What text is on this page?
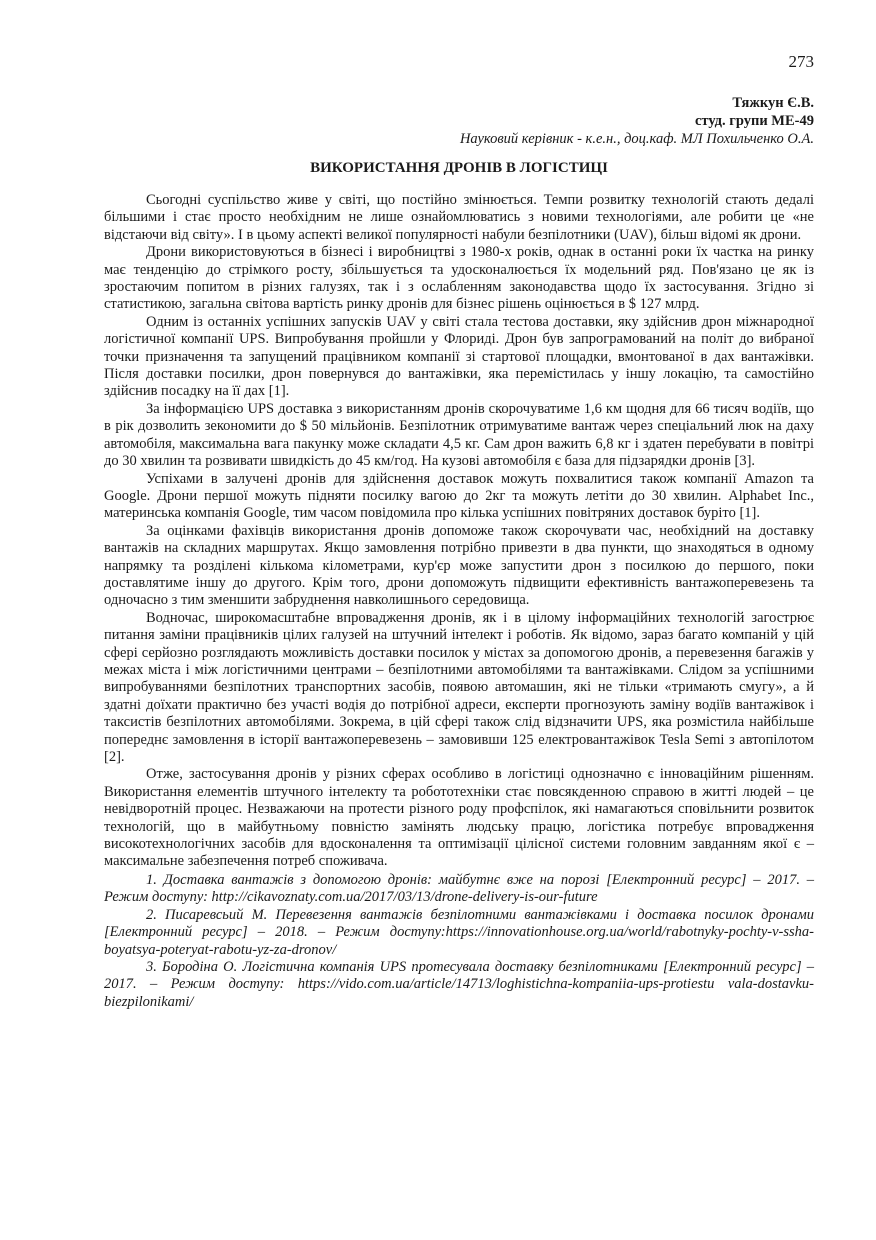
273
Тяжкун Є.В.
студ. групи МЕ-49
Науковий керівник - к.е.н., доц.каф. МЛ Похильченко О.А.
ВИКОРИСТАННЯ ДРОНІВ В ЛОГІСТИЦІ

Сьогодні суспільство живе у світі, що постійно змінюється. Темпи розвитку технологій стають дедалі більшими і стає просто необхідним не лише ознайомлюватись з новими технологіями, але робити це «не відстаючи від світу». І в цьому аспекті великої популярності набули безпілотники (UAV), більш відомі як дрони.

Дрони використовуються в бізнесі і виробництві з 1980-х років, однак в останні роки їх частка на ринку має тенденцію до стрімкого росту, збільшується та удосконалюється їх модельний ряд. Пов'язано це як із зростаючим попитом в різних галузях, так і з ослабленням законодавства щодо їх застосування. Згідно зі статистикою, загальна світова вартість ринку дронів для бізнес рішень оцінюється в $ 127 млрд.

Одним із останніх успішних запусків UAV у світі стала тестова доставки, яку здійснив дрон міжнародної логістичної компанії UPS. Випробування пройшли у Флориді. Дрон був запрограмований на політ до вибраної точки призначення та запущений працівником компанії зі стартової площадки, вмонтованої в дах вантажівки. Після доставки посилки, дрон повернувся до вантажівки, яка перемістилась у іншу локацію, та самостійно здійснив посадку на її дах [1].

За інформацією UPS доставка з використанням дронів скорочуватиме 1,6 км щодня для 66 тисяч водіїв, що в рік дозволить зекономити до $ 50 мільйонів. Безпілотник отримуватиме вантаж через спеціальний люк на даху автомобіля, максимальна вага пакунку може складати 4,5 кг. Сам дрон важить 6,8 кг і здатен перебувати в повітрі до 30 хвилин та розвивати швидкість до 45 км/год. На кузові автомобіля є база для підзарядки дронів [3].

Успіхами в залучені дронів для здійснення доставок можуть похвалитися також компанії Amazon та Google. Дрони першої можуть підняти посилку вагою до 2кг та можуть летіти до 30 хвилин. Alphabet Inc., материнська компанія Google, тим часом повідомила про кілька успішних повітряних доставок буріто [1].

За оцінками фахівців використання дронів допоможе також скорочувати час, необхідний на доставку вантажів на складних маршрутах. Якщо замовлення потрібно привезти в два пункти, що знаходяться в одному напрямку та розділені кількома кілометрами, кур'єр може запустити дрон з посилкою до першого, поки доставлятиме іншу до другого. Крім того, дрони допоможуть підвищити ефективність вантажоперевезень та одночасно з тим зменшити забруднення навколишнього середовища.

Водночас, широкомасштабне впровадження дронів, як і в цілому інформаційних технологій загострює питання заміни працівників цілих галузей на штучний інтелект і роботів. Як відомо, зараз багато компаній у цій сфері серйозно розглядають можливість доставки посилок у містах за допомогою дронів, а перевезення багажів у межах міста і між логістичними центрами – безпілотними автомобілями та вантажівками. Слідом за успішними випробуваннями безпілотних транспортних засобів, появою автомашин, які не тільки «тримають смугу», а й здатні доїхати практично без участі водія до потрібної адреси, експерти прогнозують заміну водіїв вантажівок і таксистів безпілотних автомобілями. Зокрема, в цій сфері також слід відзначити UPS, яка розмістила найбільше попереднє замовлення в історії вантажоперевезень – замовивши 125 електровантажівок Tesla Semi з автопілотом [2].

Отже, застосування дронів у різних сферах особливо в логістиці однозначно є інноваційним рішенням. Використання елементів штучного інтелекту та робототехніки стає повсякденною справою в житті людей – це невідворотній процес. Незважаючи на протести різного роду профспілок, які намагаються сповільнити розвиток технологій, що в майбутньому повністю замінять людську працю, логістика потребує впровадження високотехнологічних засобів для вдосконалення та оптимізації цілісної системи головним завданням якої є – максимальне забезпечення потреб споживача.

1. Доставка вантажів з допомогою дронів: майбутнє вже на порозі [Електронний ресурс] – 2017. – Режим доступу: http://cikavoznaty.com.ua/2017/03/13/drone-delivery-is-our-future

2. Писаревсьий М. Перевезення вантажів безпілотними вантажівками і доставка посилок дронами [Електронний ресурс] – 2018. – Режим доступу:https://innovationhouse.org.ua/world/rabotnyky-pochty-v-ssha-boyatsya-poteryat-rabotu-yz-za-dronov/

3. Бородіна О. Логістична компанія UPS протесувала доставку безпілотниками [Електронний ресурс] – 2017. – Режим доступу: https://vido.com.ua/article/14713/loghistichna-kompaniia-ups-protiestu vala-dostavku-biezpilonikami/
